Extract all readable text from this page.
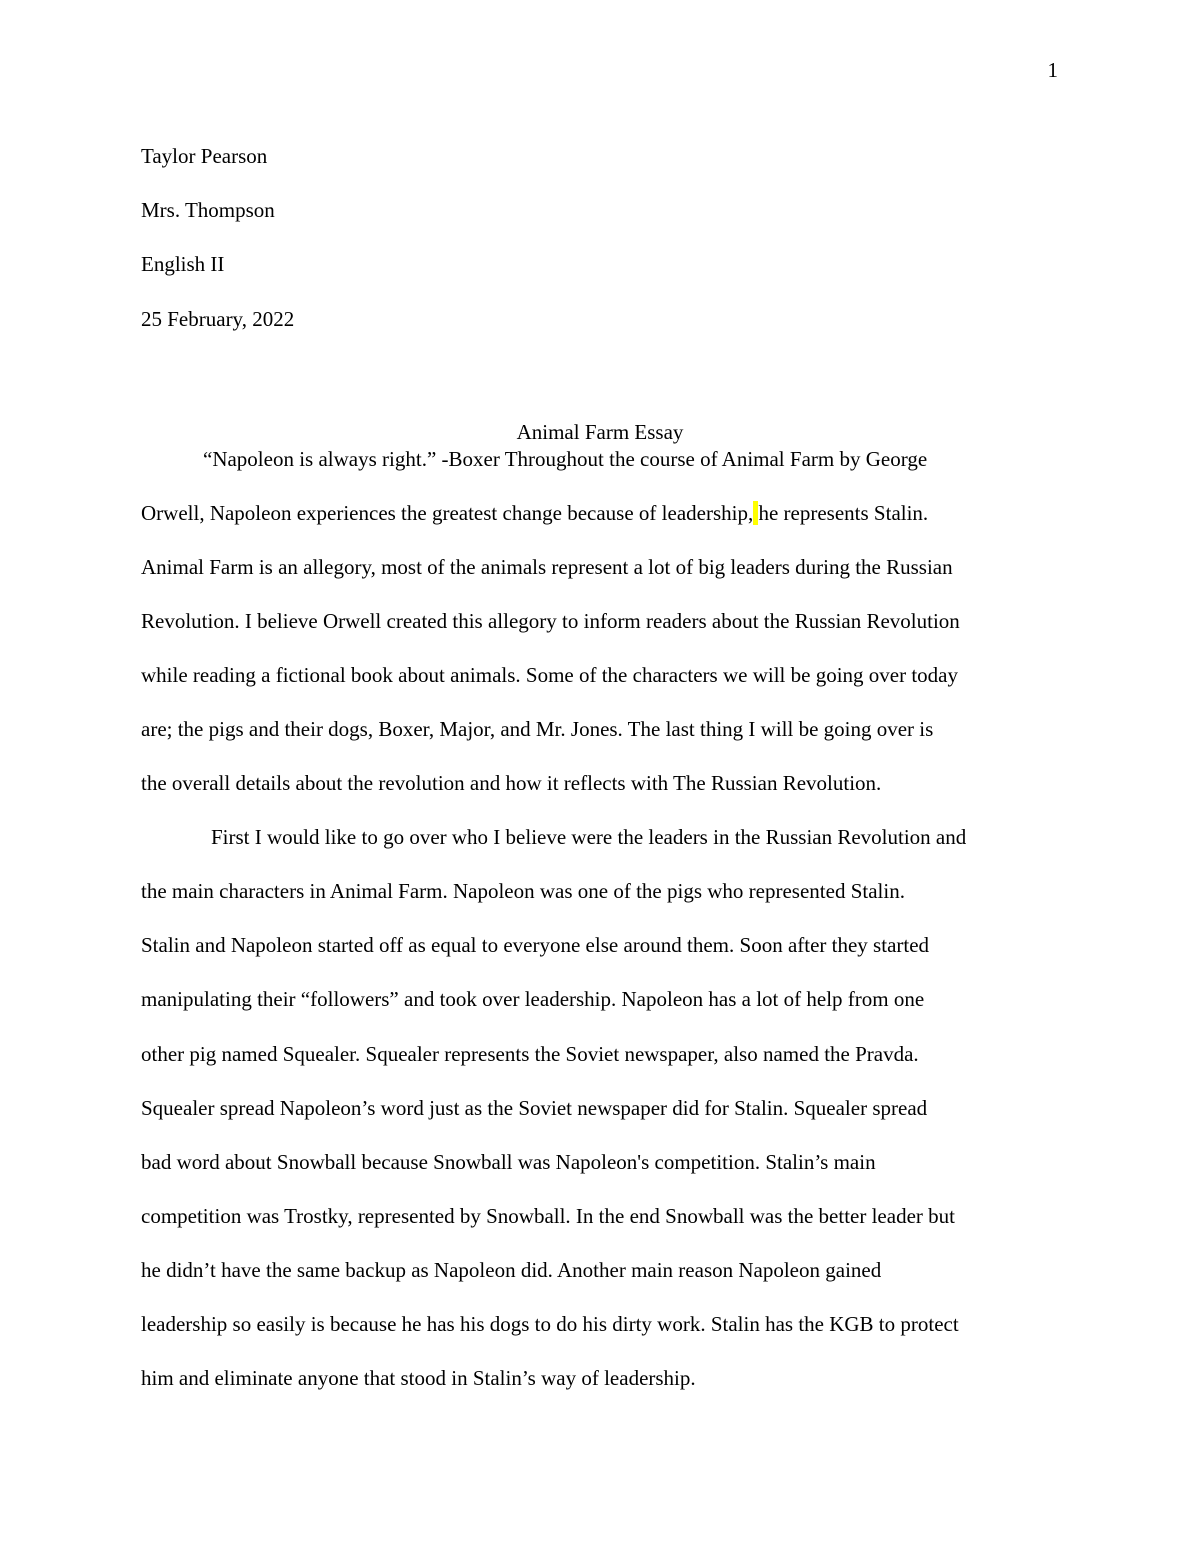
1
Taylor Pearson
Mrs. Thompson
English II
25 February, 2022
Animal Farm Essay
“Napoleon is always right.” -Boxer Throughout the course of Animal Farm by George
Orwell, Napoleon experiences the greatest change because of leadership, he represents Stalin.
Animal Farm is an allegory, most of the animals represent a lot of big leaders during the Russian
Revolution. I believe Orwell created this allegory to inform readers about the Russian Revolution
while reading a fictional book about animals. Some of the characters we will be going over today
are; the pigs and their dogs, Boxer, Major, and Mr. Jones. The last thing I will be going over is
the overall details about the revolution and how it reflects with The Russian Revolution.
First I would like to go over who I believe were the leaders in the Russian Revolution and
the main characters in Animal Farm. Napoleon was one of the pigs who represented Stalin.
Stalin and Napoleon started off as equal to everyone else around them. Soon after they started
manipulating their “followers” and took over leadership. Napoleon has a lot of help from one
other pig named Squealer. Squealer represents the Soviet newspaper, also named the Pravda.
Squealer spread Napoleon’s word just as the Soviet newspaper did for Stalin. Squealer spread
bad word about Snowball because Snowball was Napoleon's competition. Stalin’s main
competition was Trostky, represented by Snowball. In the end Snowball was the better leader but
he didn’t have the same backup as Napoleon did. Another main reason Napoleon gained
leadership so easily is because he has his dogs to do his dirty work. Stalin has the KGB to protect
him and eliminate anyone that stood in Stalin’s way of leadership.
